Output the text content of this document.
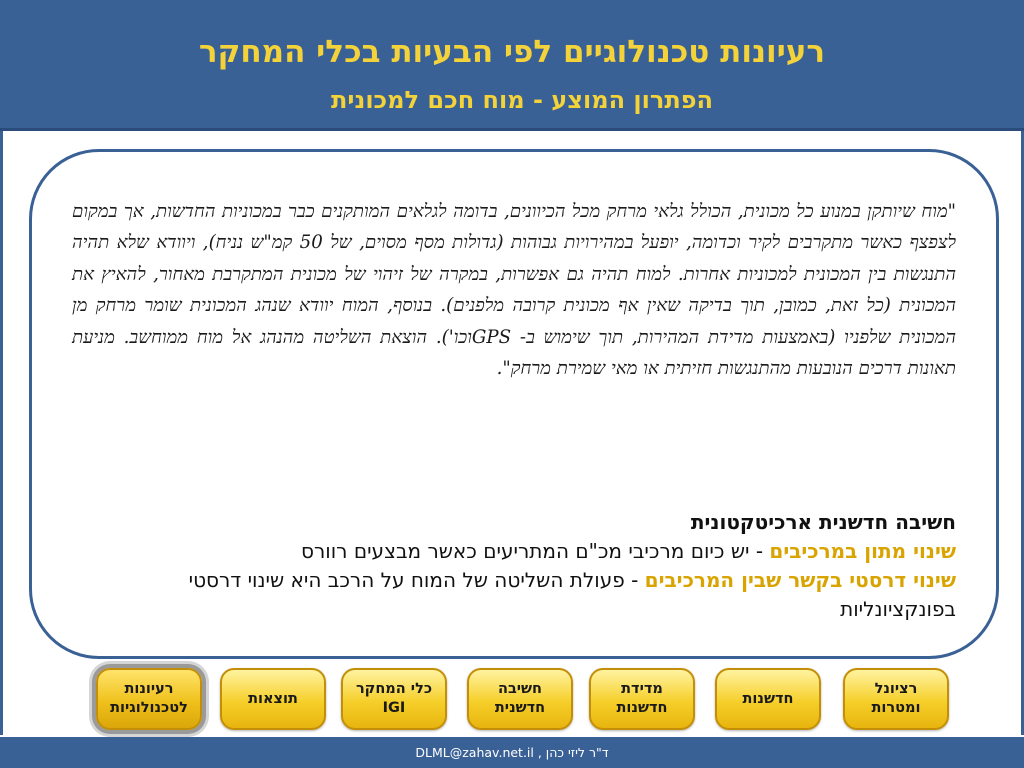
רעיונות טכנולוגיים לפי הבעיות בכלי המחקר
הפתרון המוצע - מוח חכם למכונית
"מוח שיותקן במנוע כל מכונית, הכולל גלאי מרחק מכל הכיוונים, בדומה לגלאים המותקנים כבר במכוניות החדשות, אך במקום לצפצף כאשר מתקרבים לקיר וכדומה, יופעל במהירויות גבוהות (גדולות מסף מסוים, של 50 קמ"ש נניח), ויוודא שלא תהיה התנגשות בין המכונית למכוניות אחרות. למוח תהיה גם אפשרות, במקרה של זיהוי של מכונית המתקרבת מאחור, להאיץ את המכונית (כל זאת, כמובן, תוך בדיקה שאין אף מכונית קרובה מלפנים). בנוסף, המוח יוודא שנהג המכונית שומר מרחק מן המכונית שלפניו (באמצעות מדידת המהירות, תוך שימוש ב- GPSוכו'). הוצאת השליטה מהנהג אל מוח ממוחשב. מניעת תאונות דרכים הנובעות מהתנגשות חזיתית או מאי שמירת מרחק".
חשיבה חדשנית ארכיטקטונית
שינוי מתון במרכיבים - יש כיום מרכיבי מכ"ם המתריעים כאשר מבצעים רוורס
שינוי דרסטי בקשר שבין המרכיבים - פעולת השליטה של המוח על הרכב היא שינוי דרסטי בפונקציונליות
רעיונות
לטכנולוגיות
תוצאות
כלי המחקר
IGI
חשיבה
חדשנית
מדידת
חדשנות
חדשנות
רציונל
ומטרות
ד"ר ליזי כהן , DLML@zahav.net.il
